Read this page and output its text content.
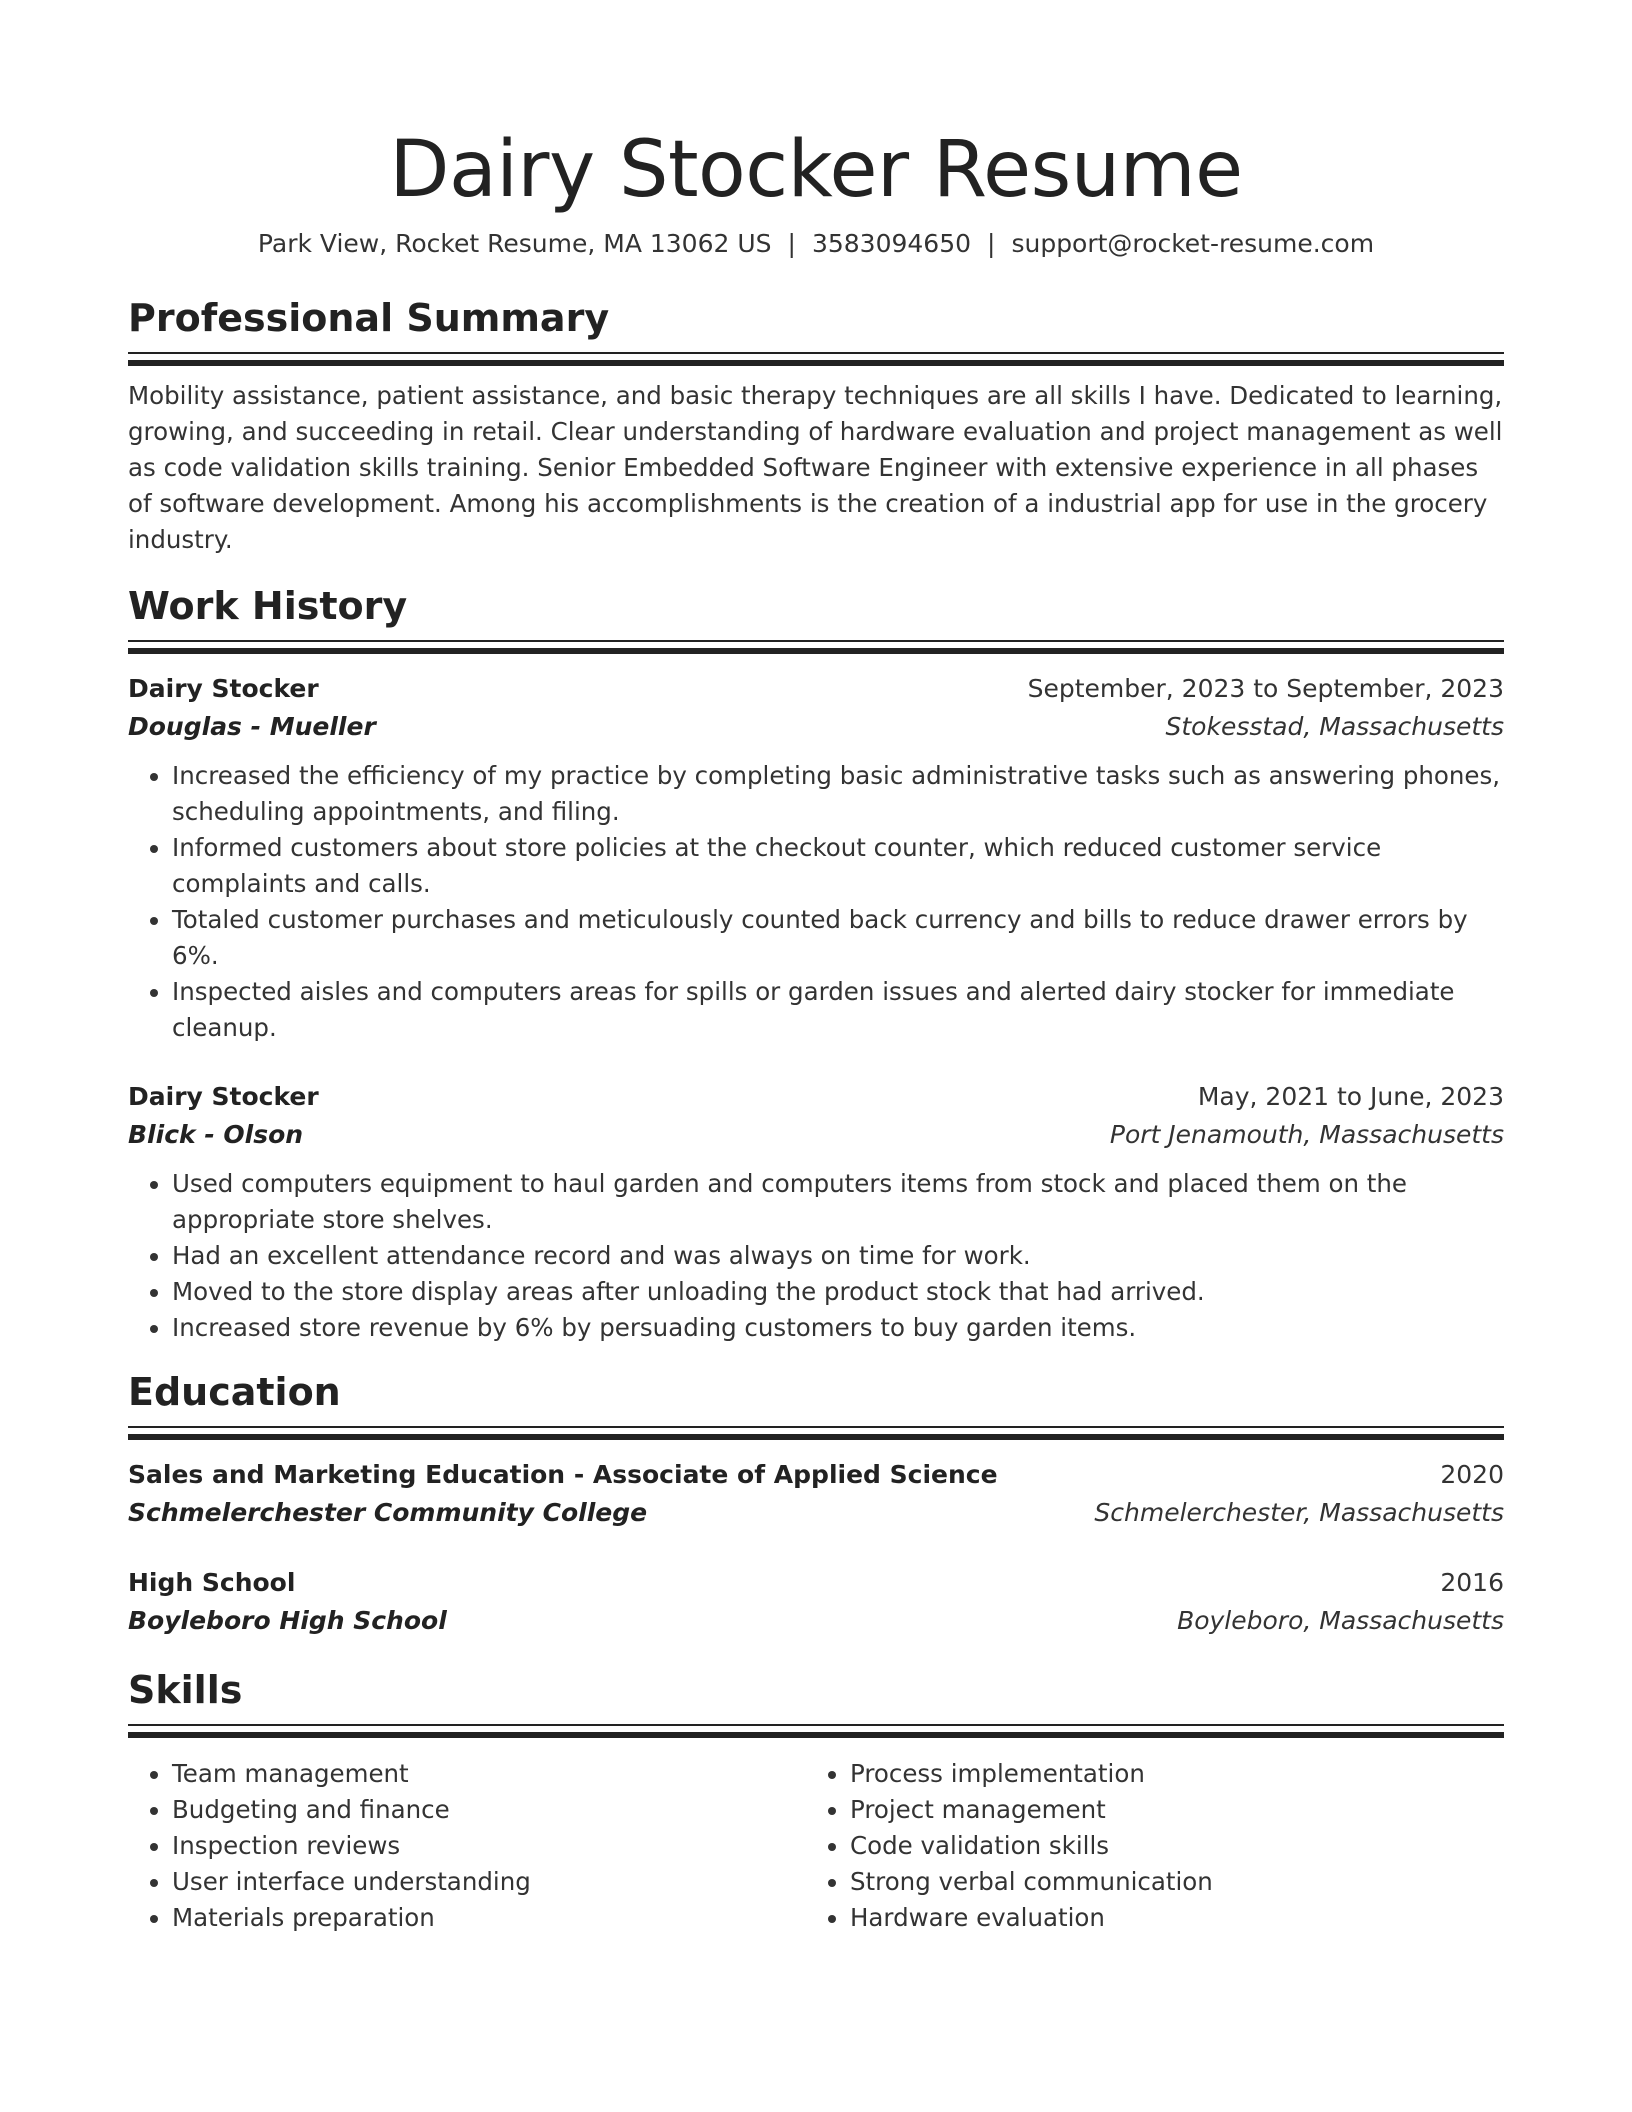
Dairy Stocker Resume
Park View, Rocket Resume, MA 13062 US | 3583094650 | support@rocket-resume.com
Professional Summary

Mobility assistance, patient assistance, and basic therapy techniques are all skills I have. Dedicated to learning, growing, and succeeding in retail. Clear understanding of hardware evaluation and project management as well as code validation skills training. Senior Embedded Software Engineer with extensive experience in all phases of software development. Among his accomplishments is the creation of a industrial app for use in the grocery industry.

Work History
Dairy Stocker	September, 2023 to September, 2023
Douglas - Mueller	Stokesstad, Massachusetts
• Increased the efficiency of my practice by completing basic administrative tasks such as answering phones, scheduling appointments, and filing.
• Informed customers about store policies at the checkout counter, which reduced customer service complaints and calls.
• Totaled customer purchases and meticulously counted back currency and bills to reduce drawer errors by 6%.
• Inspected aisles and computers areas for spills or garden issues and alerted dairy stocker for immediate cleanup.
Dairy Stocker	May, 2021 to June, 2023
Blick - Olson	Port Jenamouth, Massachusetts
• Used computers equipment to haul garden and computers items from stock and placed them on the appropriate store shelves.
• Had an excellent attendance record and was always on time for work.
• Moved to the store display areas after unloading the product stock that had arrived.
• Increased store revenue by 6% by persuading customers to buy garden items.
Education
Sales and Marketing Education - Associate of Applied Science	2020
Schmelerchester Community College	Schmelerchester, Massachusetts
High School	2016
Boyleboro High School	Boyleboro, Massachusetts
Skills
• Team management
• Budgeting and finance
• Inspection reviews
• User interface understanding
• Materials preparation
• Process implementation
• Project management
• Code validation skills
• Strong verbal communication
• Hardware evaluation
